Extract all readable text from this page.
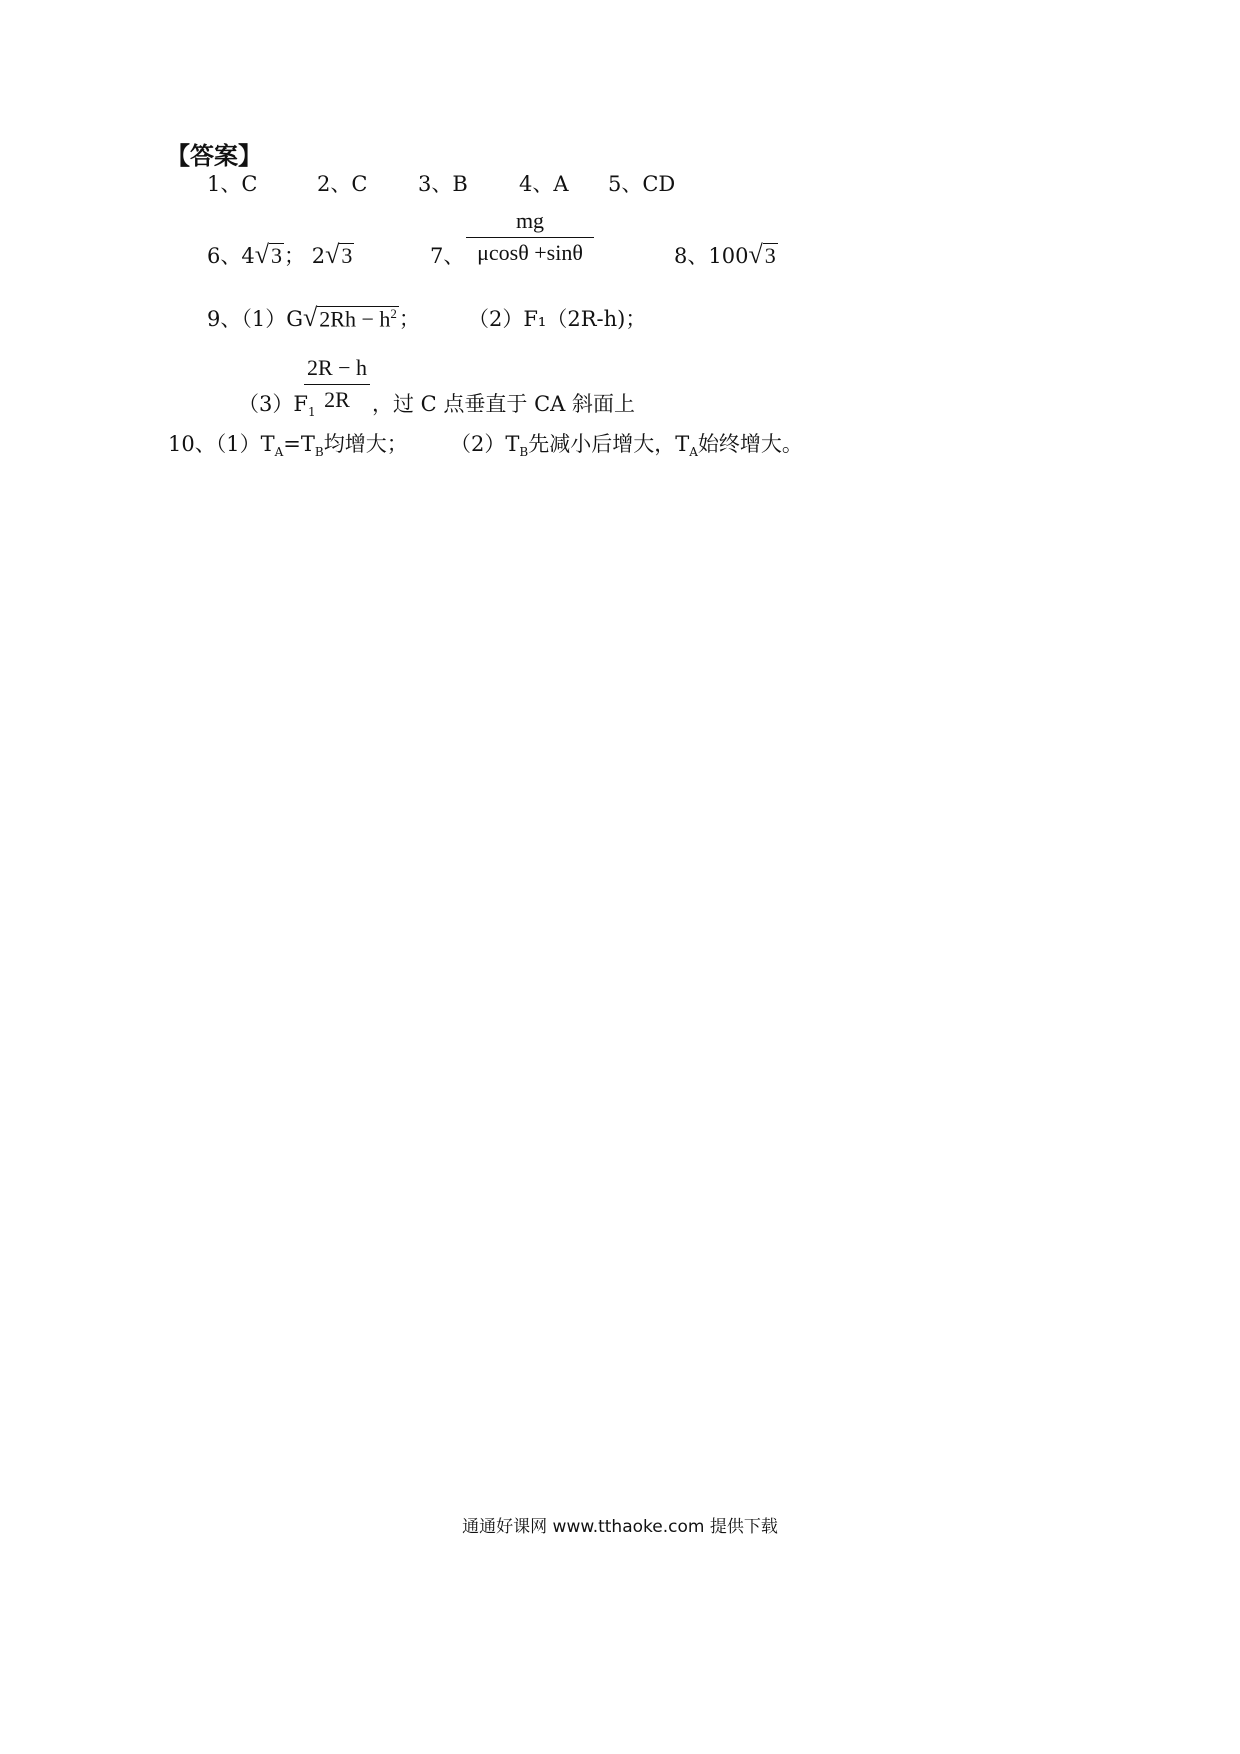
【答案】
1、C	2、C 3、B 4、A 5、CD
6、4√3； 2√3	7、 $\frac{mg}{\mu\cos\theta +\sin\theta}$	8、100√3
9、$(1)G√2Rh - h^2$； （2）F₁（2R-h)；
$(3)F_1$
$\frac{2R - h}{2R}$ ，过 C 点垂直于 CA 斜面上
10、$(1)T_A=T_B$均增大； $(2)T_B$先减小后增大，$T_A$始终增大。
通通好课网 www.tthaoke.com 提供下载
